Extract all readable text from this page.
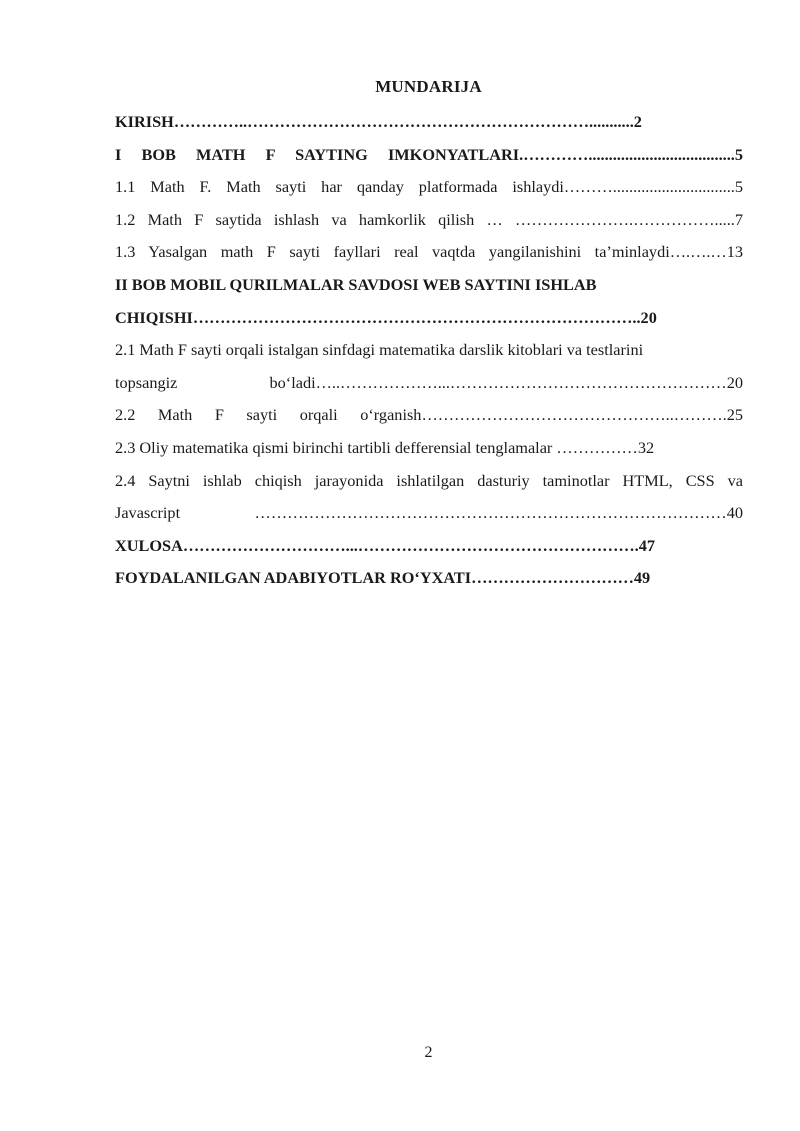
MUNDARIJA
KIRISH…………..………………………………………………………...........2
I BOB MATH F SAYTING IMKONYATLARI.…………....................................5
1.1 Math F. Math sayti har qanday platformada ishlaydi………..............................5
1.2 Math F saytida ishlash va hamkorlik qilish … ………………….…………….....7
1.3 Yasalgan math F sayti fayllari real vaqtda yangilanishini ta’minlaydi….….…13
II BOB MOBIL QURILMALAR SAVDOSI WEB SAYTINI ISHLAB
CHIQISHI………………………………………………………………………..20
2.1 Math F sayti orqali istalgan sinfdagi matematika darslik kitoblari va testlarini
topsangiz bo‘ladi…..………………...……………………………………………20
2.2 Math F sayti orqali o‘rganish………………………………………..……….25
2.3 Oliy matematika qismi birinchi tartibli defferensial tenglamalar ……………32
2.4 Saytni ishlab chiqish jarayonida ishlatilgan dasturiy taminotlar HTML, CSS va
Javascript ……………………………………………………………………………40
XULOSA…………………………...…………………………………………….47
FOYDALANILGAN ADABIYOTLAR RO‘YXATI…………………………49
2
